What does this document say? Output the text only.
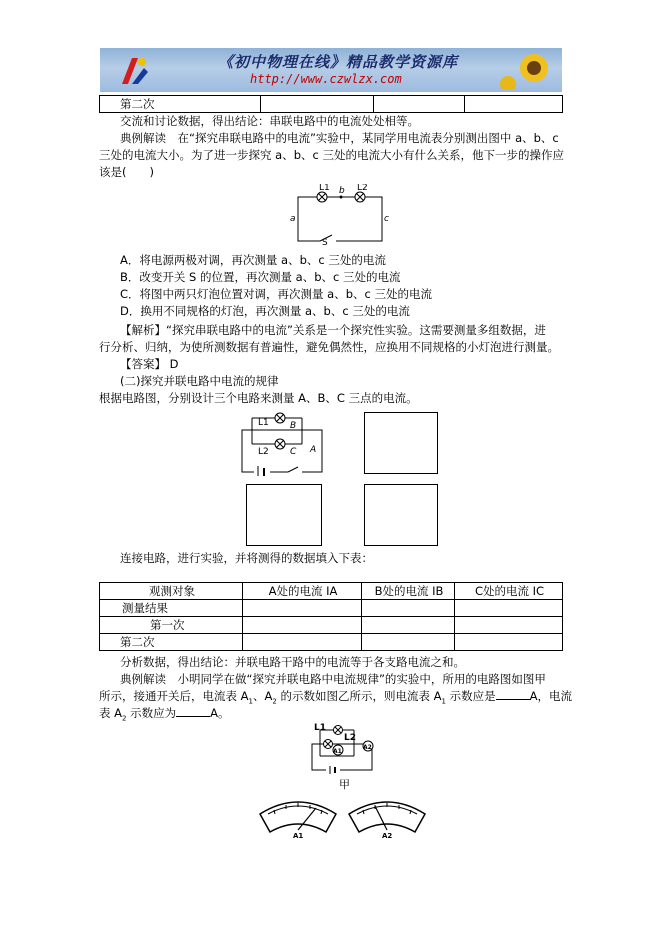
《初中物理在线》精品教学资源库
http://www.czwlzx.com
第二次			
交流和讨论数据，得出结论：串联电路中的电流处处相等。
典例解读　在“探究串联电路中的电流”实验中，某同学用电流表分别测出图中 a、b、c
三处的电流大小。为了进一步探究 a、b、c 三处的电流大小有什么关系，他下一步的操作应
该是(　　)
L1	L2
b
a	c
S
A．将电源两极对调，再次测量 a、b、c 三处的电流
B．改变开关 S 的位置，再次测量 a、b、c 三处的电流
C．将图中两只灯泡位置对调，再次测量 a、b、c 三处的电流
D．换用不同规格的灯泡，再次测量 a、b、c 三处的电流
【解析】“探究串联电路中的电流”关系是一个探究性实验。这需要测量多组数据，进
行分析、归纳，为使所测数据有普遍性，避免偶然性，应换用不同规格的小灯泡进行测量。
【答案】 D
(二)探究并联电路中电流的规律
根据电路图，分别设计三个电路来测量 A、B、C 三点的电流。
L1
L2
B
C A
连接电路，进行实验，并将测得的数据填入下表：
观测对象	A处的电流 IA	B处的电流 IB	C处的电流 IC
测量结果			
第一次			
第二次			
分析数据，得出结论：并联电路干路中的电流等于各支路电流之和。
典例解读　小明同学在做“探究并联电路中电流规律”的实验中，所用的电路图如图甲
所示，接通开关后，电流表 $A_1$、$A_2$ 的示数如图乙所示，则电流表 $A_1$ 示数应是	A，电流
表 $A_2$ 示数应为	A。
L1
L2
A1
A2
甲
A1	A2
